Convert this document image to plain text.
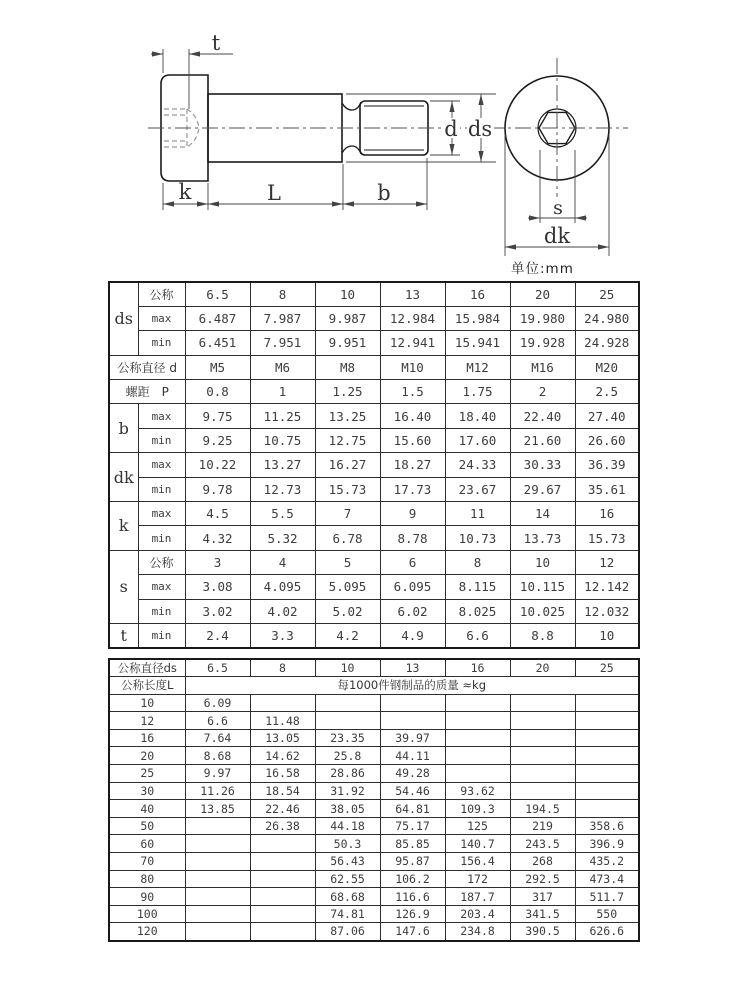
t
k	L	b
d ds
s
dk
单位:mm
ds	公称	6.5	8	10	13	16	20	25
	max	6.487	7.987	9.987	12.984	15.984	19.980	24.980
	min	6.451	7.951	9.951	12.941	15.941	19.928	24.928
公称直径 d		M5	M6	M8	M10	M12	M16	M20
螺距　P		0.8	1	1.25	1.5	1.75	2	2.5
b	max	9.75	11.25	13.25	16.40	18.40	22.40	27.40
	min	9.25	10.75	12.75	15.60	17.60	21.60	26.60
dk	max	10.22	13.27	16.27	18.27	24.33	30.33	36.39
	min	9.78	12.73	15.73	17.73	23.67	29.67	35.61
k	max	4.5	5.5	7	9	11	14	16
	min	4.32	5.32	6.78	8.78	10.73	13.73	15.73
s	公称	3	4	5	6	8	10	12
	max	3.08	4.095	5.095	6.095	8.115	10.115	12.142
	min	3.02	4.02	5.02	6.02	8.025	10.025	12.032
t	min	2.4	3.3	4.2	4.9	6.6	8.8	10
公称直径ds	6.5	8	10	13	16	20	25
公称长度L	每1000件钢制品的质量 ≈kg						
10	6.09						
12	6.6	11.48					
16	7.64	13.05	23.35	39.97			
20	8.68	14.62	25.8	44.11			
25	9.97	16.58	28.86	49.28			
30	11.26	18.54	31.92	54.46	93.62		
40	13.85	22.46	38.05	64.81	109.3	194.5	
50		26.38	44.18	75.17	125	219	358.6
60			50.3	85.85	140.7	243.5	396.9
70			56.43	95.87	156.4	268	435.2
80			62.55	106.2	172	292.5	473.4
90			68.68	116.6	187.7	317	511.7
100			74.81	126.9	203.4	341.5	550
120			87.06	147.6	234.8	390.5	626.6
